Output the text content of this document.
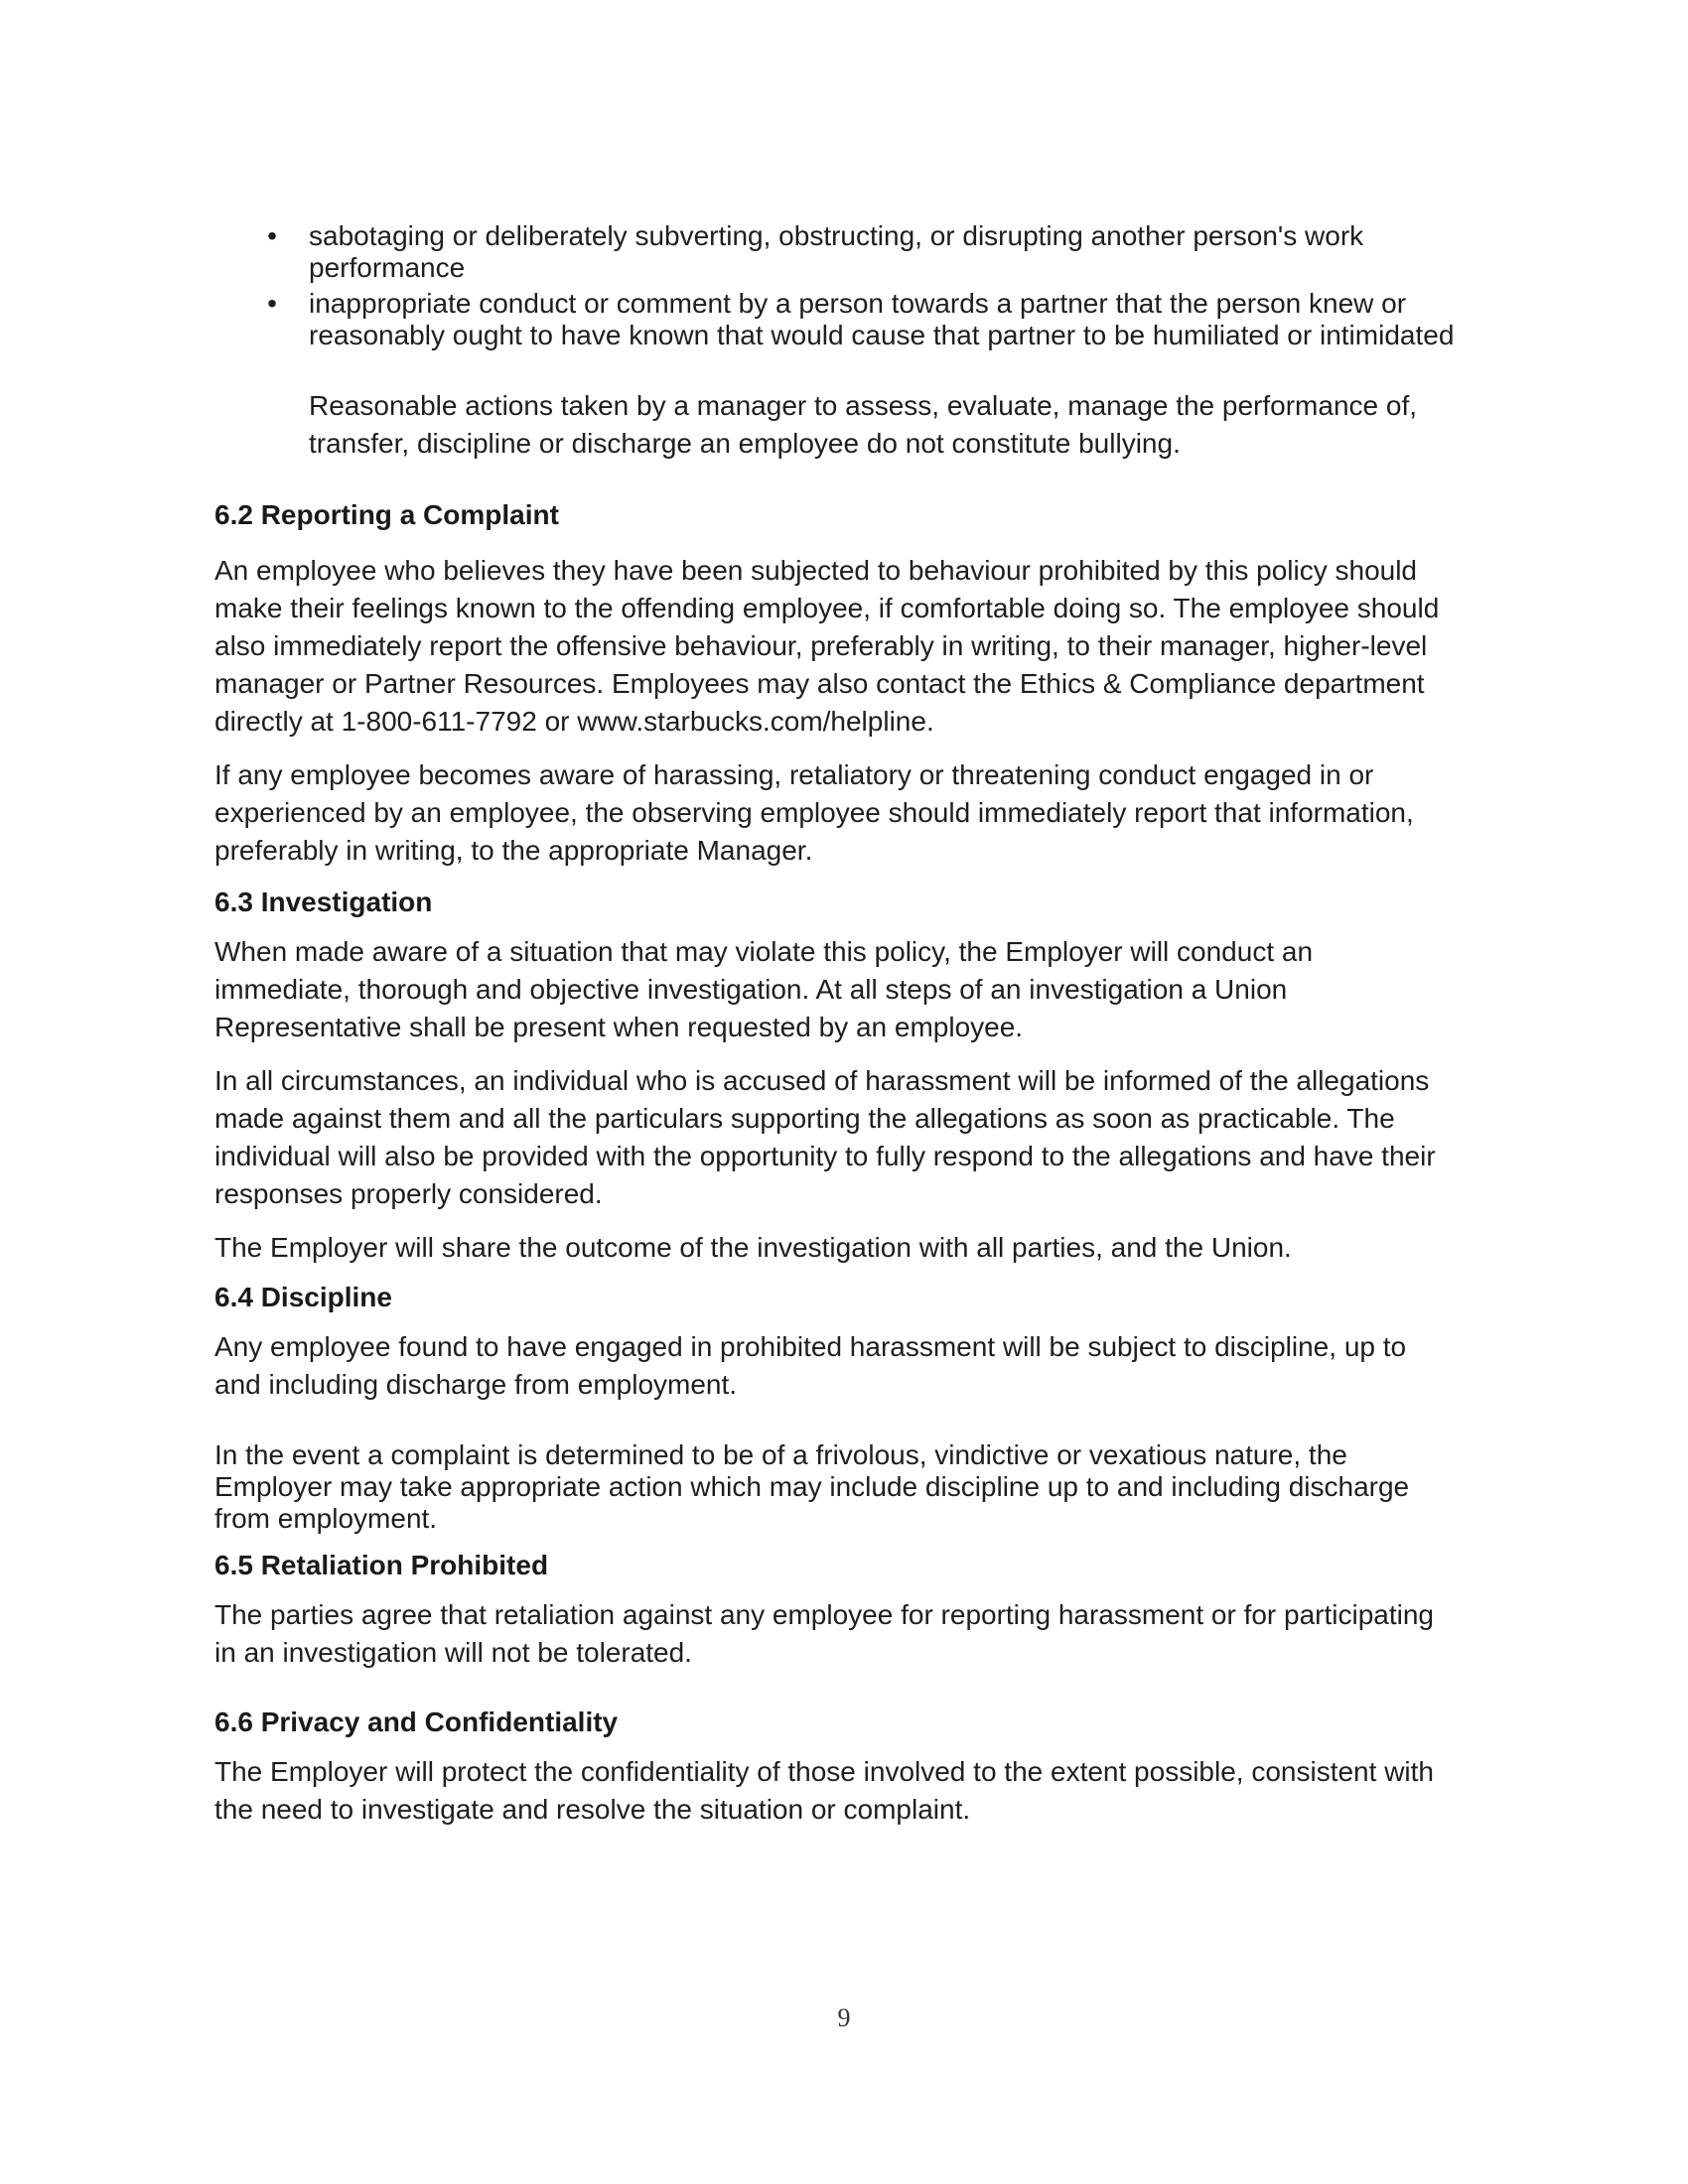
• sabotaging or deliberately subverting, obstructing, or disrupting another person's work performance
• inappropriate conduct or comment by a person towards a partner that the person knew or reasonably ought to have known that would cause that partner to be humiliated or intimidated
Reasonable actions taken by a manager to assess, evaluate, manage the performance of, transfer, discipline or discharge an employee do not constitute bullying.
6.2 Reporting a Complaint

An employee who believes they have been subjected to behaviour prohibited by this policy should make their feelings known to the offending employee, if comfortable doing so. The employee should also immediately report the offensive behaviour, preferably in writing, to their manager, higher-level manager or Partner Resources. Employees may also contact the Ethics & Compliance department directly at 1-800-611-7792 or www.starbucks.com/helpline.

If any employee becomes aware of harassing, retaliatory or threatening conduct engaged in or experienced by an employee, the observing employee should immediately report that information, preferably in writing, to the appropriate Manager.

6.3 Investigation

When made aware of a situation that may violate this policy, the Employer will conduct an immediate, thorough and objective investigation. At all steps of an investigation a Union Representative shall be present when requested by an employee.

In all circumstances, an individual who is accused of harassment will be informed of the allegations made against them and all the particulars supporting the allegations as soon as practicable. The individual will also be provided with the opportunity to fully respond to the allegations and have their responses properly considered.

The Employer will share the outcome of the investigation with all parties, and the Union.

6.4 Discipline

Any employee found to have engaged in prohibited harassment will be subject to discipline, up to and including discharge from employment.

In the event a complaint is determined to be of a frivolous, vindictive or vexatious nature, the Employer may take appropriate action which may include discipline up to and including discharge from employment.

6.5 Retaliation Prohibited

The parties agree that retaliation against any employee for reporting harassment or for participating in an investigation will not be tolerated.

6.6 Privacy and Confidentiality

The Employer will protect the confidentiality of those involved to the extent possible, consistent with the need to investigate and resolve the situation or complaint.

9
